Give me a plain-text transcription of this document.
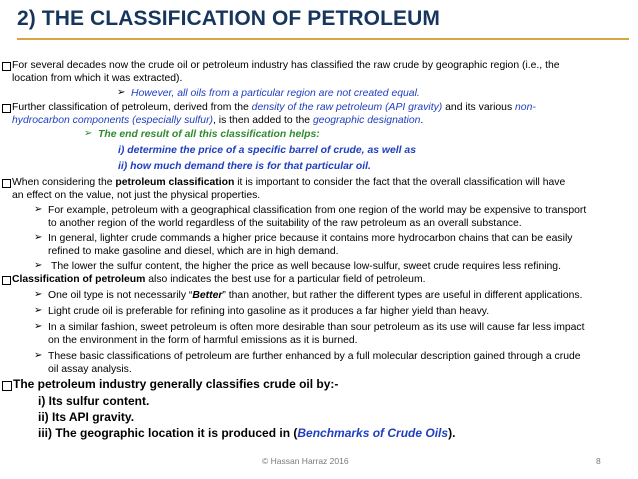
2) THE CLASSIFICATION OF PETROLEUM
For several decades now the crude oil or petroleum industry has classified the raw crude by geographic region (i.e., the
location from which it was extracted).
➢ However, all oils from a particular region are not created equal.
Further classification of petroleum, derived from the density of the raw petroleum (API gravity) and its various non-
hydrocarbon components (especially sulfur), is then added to the geographic designation.
➢ The end result of all this classification helps:
i) determine the price of a specific barrel of crude, as well as
ii) how much demand there is for that particular oil.
When considering the petroleum classification it is important to consider the fact that the overall classification will have
an effect on the value, not just the physical properties.
➢ For example, petroleum with a geographical classification from one region of the world may be expensive to transport
to another region of the world regardless of the suitability of the raw petroleum as an overall substance.
➢ In general, lighter crude commands a higher price because it contains more hydrocarbon chains that can be easily
refined to make gasoline and diesel, which are in high demand.
➢ The lower the sulfur content, the higher the price as well because low-sulfur, sweet crude requires less refining.
Classification of petroleum also indicates the best use for a particular field of petroleum.
➢ One oil type is not necessarily “Better” than another, but rather the different types are useful in different applications.
➢ Light crude oil is preferable for refining into gasoline as it produces a far higher yield than heavy.
➢ In a similar fashion, sweet petroleum is often more desirable than sour petroleum as its use will cause far less impact
on the environment in the form of harmful emissions as it is burned.
➢ These basic classifications of petroleum are further enhanced by a full molecular description gained through a crude
oil assay analysis.
The petroleum industry generally classifies crude oil by:-
i) Its sulfur content.
ii) Its API gravity.
iii) The geographic location it is produced in (Benchmarks of Crude Oils).
© Hassan Harraz 2016	8
